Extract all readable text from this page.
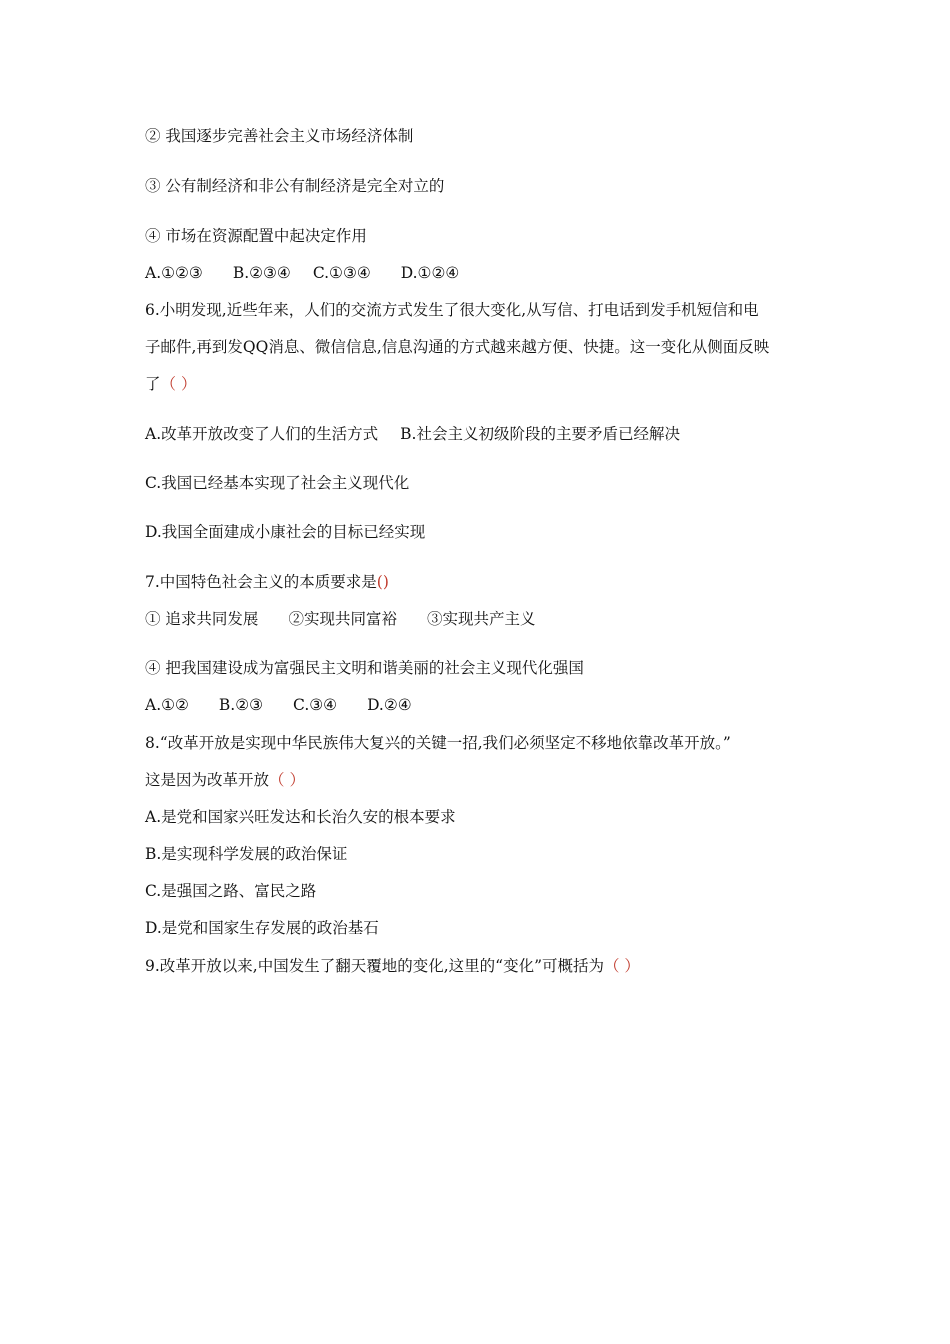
② 我国逐步完善社会主义市场经济体制
③ 公有制经济和非公有制经济是完全对立的
④ 市场在资源配置中起决定作用
A.①②③ B.②③④ C.①③④ D.①②④
6.小明发现,近些年来，人们的交流方式发生了很大变化,从写信、打电话到发手机短信和电
子邮件,再到发QQ消息、微信信息,信息沟通的方式越来越方便、快捷。这一变化从侧面反映
了（ ）
A.改革开放改变了人们的生活方式 B.社会主义初级阶段的主要矛盾已经解决
C.我国已经基本实现了社会主义现代化
D.我国全面建成小康社会的目标已经实现
7.中国特色社会主义的本质要求是()
① 追求共同发展 ②实现共同富裕 ③实现共产主义
④ 把我国建设成为富强民主文明和谐美丽的社会主义现代化强国
A.①② B.②③ C.③④ D.②④
8.“改革开放是实现中华民族伟大复兴的关键一招,我们必须坚定不移地依靠改革开放。”
这是因为改革开放（ ）
A.是党和国家兴旺发达和长治久安的根本要求
B.是实现科学发展的政治保证
C.是强国之路、富民之路
D.是党和国家生存发展的政治基石
9.改革开放以来,中国发生了翻天覆地的变化,这里的“变化”可概括为（ ）
